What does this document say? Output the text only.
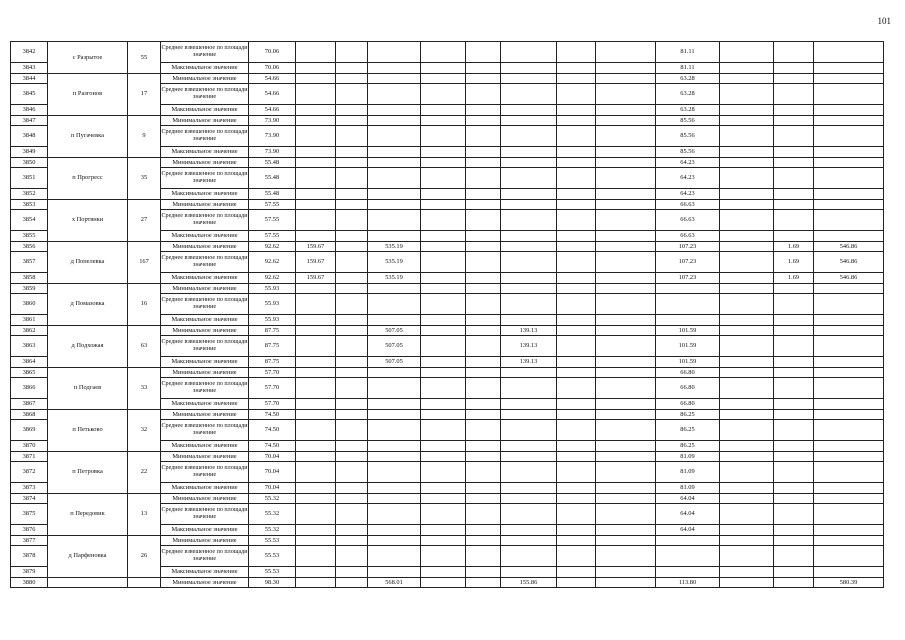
101
3842	с Разрытое	55	Среднее взвешенное по площади значение	70.06									81.11			
3843			Максимальное значение	70.06									81.11			
3844	п Разгонов	17	Минимальное значение	54.66									63.28			
3845			Среднее взвешенное по площади значение	54.66									63.28			
3846			Максимальное значение	54.66									63.28			
3847	п Пугачевка	9	Минимальное значение	73.90									85.56			
3848			Среднее взвешенное по площади значение	73.90									85.56			
3849			Максимальное значение	73.90									85.56			
3850	п Прогресс	35	Минимальное значение	55.48									64.23			
3851			Среднее взвешенное по площади значение	55.48									64.23			
3852			Максимальное значение	55.48									64.23			
3853	х Портянки	27	Минимальное значение	57.55									66.63			
3854			Среднее взвешенное по площади значение	57.55									66.63			
3855			Максимальное значение	57.55									66.63			
3856	д Попелевка	167	Минимальное значение	92.62	159.67		535.19						107.23		1.69	546.86
3857			Среднее взвешенное по площади значение	92.62	159.67		535.19						107.23		1.69	546.86
3858			Максимальное значение	92.62	159.67		535.19						107.23		1.69	546.86
3859	д Помазовка	16	Минимальное значение	55.93												
3860			Среднее взвешенное по площади значение	55.93												
3861			Максимальное значение	55.93												
3862	д Подхожая	63	Минимальное значение	87.75			507.05			139.13			101.59			
3863			Среднее взвешенное по площади значение	87.75			507.05			139.13			101.59			
3864			Максимальное значение	87.75			507.05			139.13			101.59			
3865	п Подгаев	33	Минимальное значение	57.70									66.80			
3866			Среднее взвешенное по площади значение	57.70									66.80			
3867			Максимальное значение	57.70									66.80			
3868	п Петьково	32	Минимальное значение	74.50									86.25			
3869			Среднее взвешенное по площади значение	74.50									86.25			
3870			Максимальное значение	74.50									86.25			
3871	п Петровка	22	Минимальное значение	70.04									81.09			
3872			Среднее взвешенное по площади значение	70.04									81.09			
3873			Максимальное значение	70.04									81.09			
3874	п Передовик	13	Минимальное значение	55.32									64.04			
3875			Среднее взвешенное по площади значение	55.32									64.04			
3876			Максимальное значение	55.32									64.04			
3877	д Парфеновка	26	Минимальное значение	55.53												
3878			Среднее взвешенное по площади значение	55.53												
3879			Максимальное значение	55.53												
3880			Минимальное значение	98.30			568.01			155.86			113.80			580.39
